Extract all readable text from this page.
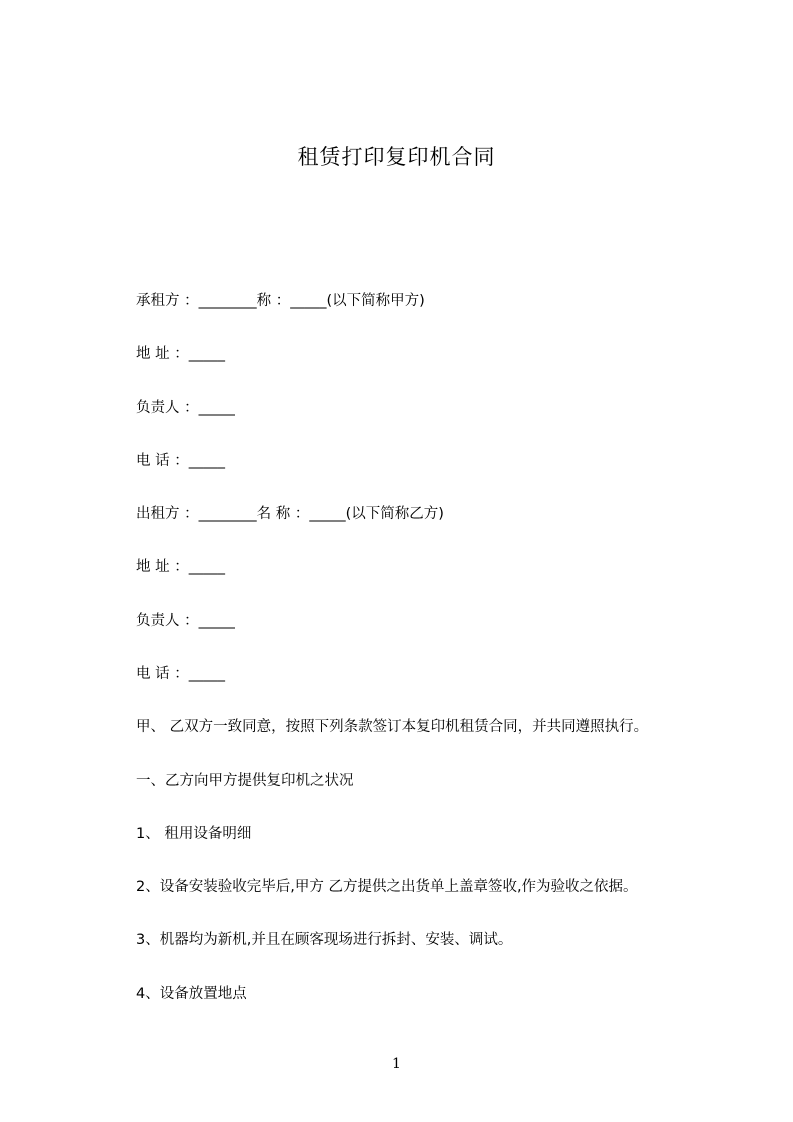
租赁打印复印机合同
承租方 ：________称 ：_____(以下简称甲方)
地 址 ：_____
负责人 ：_____
电 话 ：_____
出租方 ：________名 称 ：_____(以下简称乙方)
地 址 ：_____
负责人 ：_____
电 话 ：_____
甲、 乙双方一致同意，按照下列条款签订本复印机租赁合同，并共同遵照执行。
一、乙方向甲方提供复印机之状况
1、 租用设备明细
2、设备安装验收完毕后,甲方 乙方提供之出货单上盖章签收,作为验收之依据。
3、机器均为新机,并且在顾客现场进行拆封、安装、调试。
4、设备放置地点
1
